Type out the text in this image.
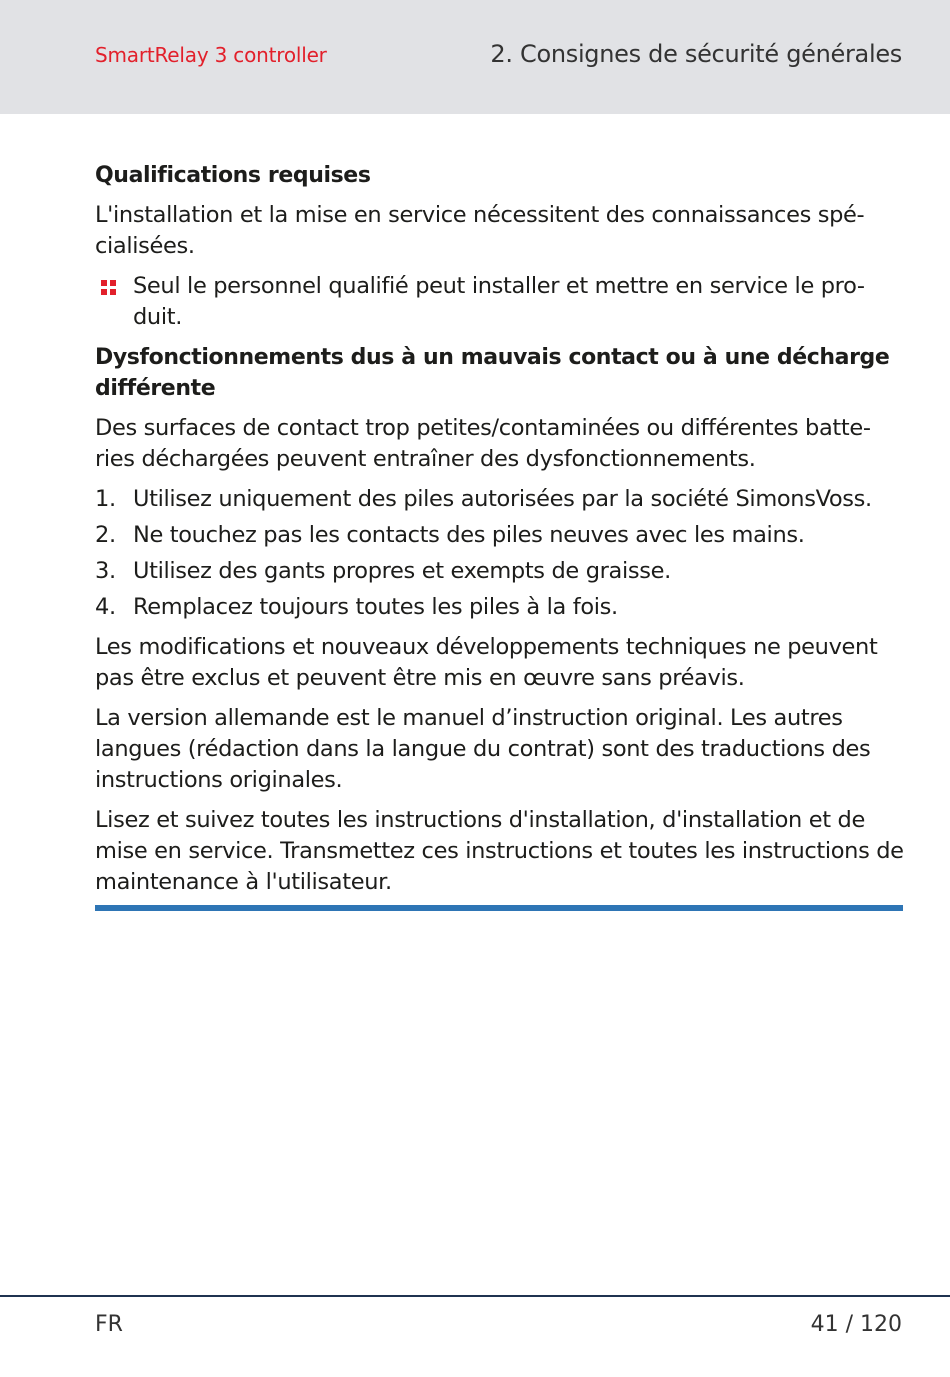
SmartRelay 3 controller	2. Consignes de sécurité générales
Qualifications requises
L'installation et la mise en service nécessitent des connaissances spé-cialisées.
Seul le personnel qualifié peut installer et mettre en service le pro-duit.
Dysfonctionnements dus à un mauvais contact ou à une décharge différente
Des surfaces de contact trop petites/contaminées ou différentes batte-ries déchargées peuvent entraîner des dysfonctionnements.
1. Utilisez uniquement des piles autorisées par la société SimonsVoss.
2. Ne touchez pas les contacts des piles neuves avec les mains.
3. Utilisez des gants propres et exempts de graisse.
4. Remplacez toujours toutes les piles à la fois.
Les modifications et nouveaux développements techniques ne peuvent pas être exclus et peuvent être mis en œuvre sans préavis.
La version allemande est le manuel d’instruction original. Les autres langues (rédaction dans la langue du contrat) sont des traductions des instructions originales.
Lisez et suivez toutes les instructions d'installation, d'installation et de mise en service. Transmettez ces instructions et toutes les instructions de maintenance à l'utilisateur.
FR	41 / 120
